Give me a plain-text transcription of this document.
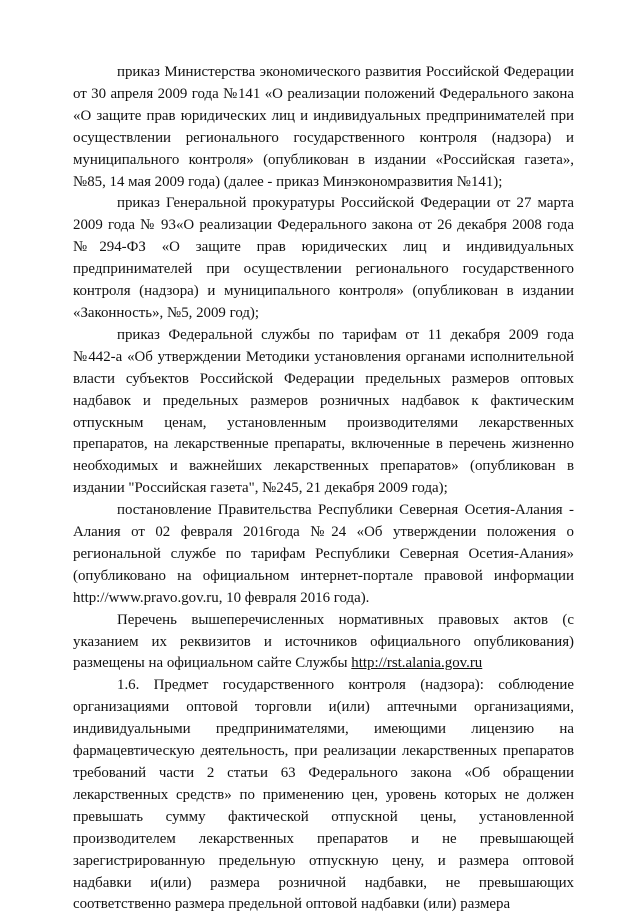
приказ Министерства экономического развития Российской Федерации от 30 апреля 2009 года №141 «О реализации положений Федерального закона «О защите прав юридических лиц и индивидуальных предпринимателей при осуществлении регионального государственного контроля (надзора) и муниципального контроля» (опубликован в издании «Российская газета», №85, 14 мая 2009 года) (далее - приказ Минэкономразвития №141);

приказ Генеральной прокуратуры Российской Федерации от 27 марта 2009 года № 93«О реализации Федерального закона от 26 декабря 2008 года №294-ФЗ «О защите прав юридических лиц и индивидуальных предпринимателей при осуществлении регионального государственного контроля (надзора) и муниципального контроля» (опубликован в издании «Законность», №5, 2009 год);

приказ Федеральной службы по тарифам от 11 декабря 2009 года №442-а «Об утверждении Методики установления органами исполнительной власти субъектов Российской Федерации предельных размеров оптовых надбавок и предельных размеров розничных надбавок к фактическим отпускным ценам, установленным производителями лекарственных препаратов, на лекарственные препараты, включенные в перечень жизненно необходимых и важнейших лекарственных препаратов» (опубликован в издании "Российская газета", №245, 21 декабря 2009 года);

постановление Правительства Республики Северная Осетия-Алания - Алания от 02 февраля 2016года №24 «Об утверждении положения о региональной службе по тарифам Республики Северная Осетия-Алания» (опубликовано на официальном интернет-портале правовой информации http://www.pravo.gov.ru, 10 февраля 2016 года).

Перечень вышеперечисленных нормативных правовых актов (с указанием их реквизитов и источников официального опубликования) размещены на официальном сайте Службы http://rst.alania.gov.ru

1.6. Предмет государственного контроля (надзора): соблюдение организациями оптовой торговли и(или) аптечными организациями, индивидуальными предпринимателями, имеющими лицензию на фармацевтическую деятельность, при реализации лекарственных препаратов требований части 2 статьи 63 Федерального закона «Об обращении лекарственных средств» по применению цен, уровень которых не должен превышать сумму фактической отпускной цены, установленной производителем лекарственных препаратов и не превышающей зарегистрированную предельную отпускную цену, и размера оптовой надбавки и(или) размера розничной надбавки, не превышающих соответственно размера предельной оптовой надбавки (или) размера
